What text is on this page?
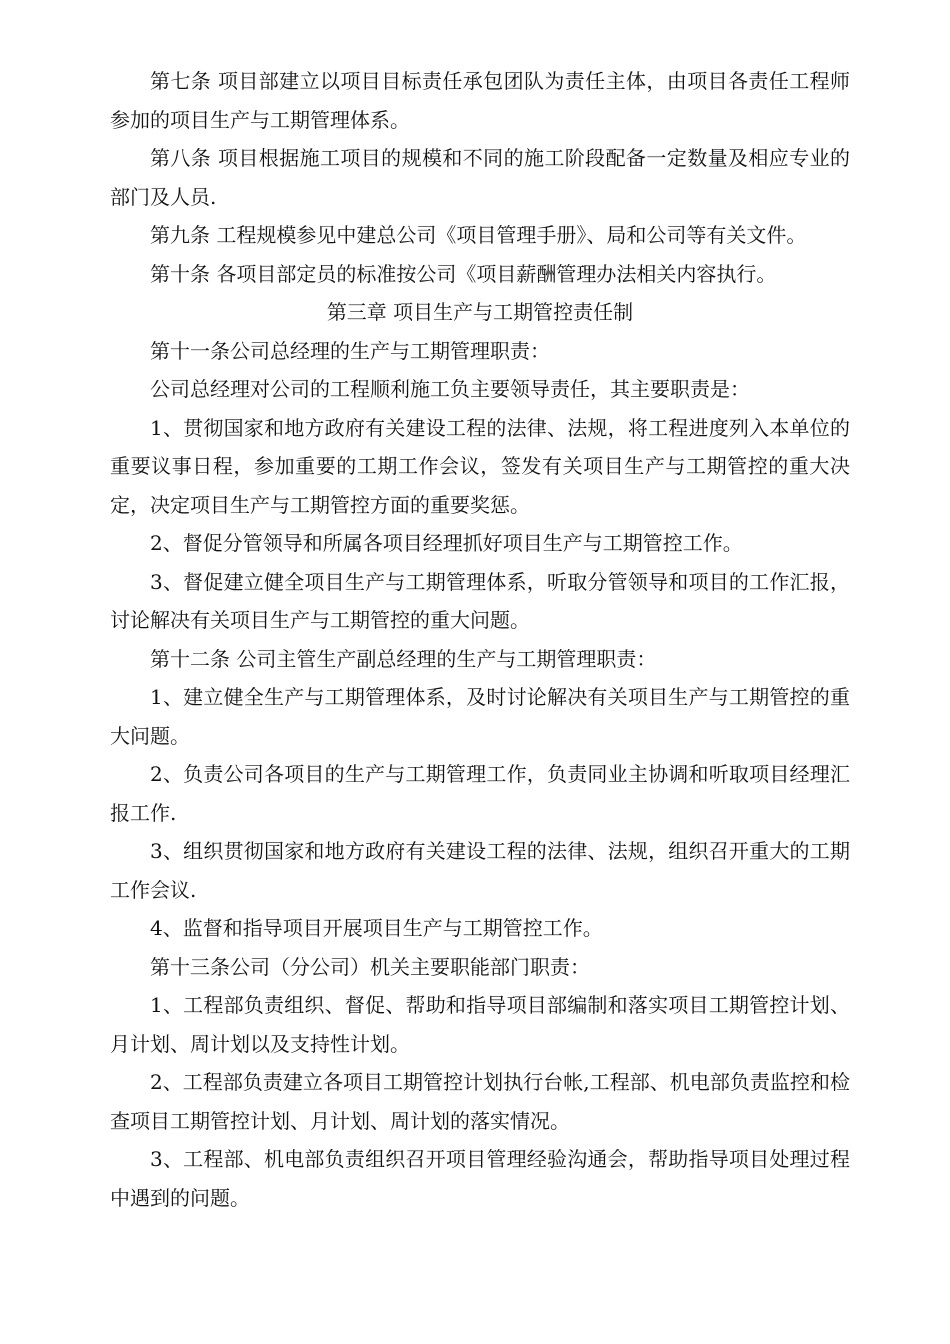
第七条 项目部建立以项目目标责任承包团队为责任主体，由项目各责任工程师参加的项目生产与工期管理体系。

第八条 项目根据施工项目的规模和不同的施工阶段配备一定数量及相应专业的部门及人员.

第九条 工程规模参见中建总公司《项目管理手册》、局和公司等有关文件。

第十条 各项目部定员的标准按公司《项目薪酬管理办法相关内容执行。

第三章 项目生产与工期管控责任制

第十一条公司总经理的生产与工期管理职责：

公司总经理对公司的工程顺利施工负主要领导责任，其主要职责是：

1、贯彻国家和地方政府有关建设工程的法律、法规，将工程进度列入本单位的重要议事日程，参加重要的工期工作会议，签发有关项目生产与工期管控的重大决定，决定项目生产与工期管控方面的重要奖惩。

2、督促分管领导和所属各项目经理抓好项目生产与工期管控工作。

3、督促建立健全项目生产与工期管理体系，听取分管领导和项目的工作汇报，讨论解决有关项目生产与工期管控的重大问题。

第十二条 公司主管生产副总经理的生产与工期管理职责：

1、建立健全生产与工期管理体系，及时讨论解决有关项目生产与工期管控的重大问题。

2、负责公司各项目的生产与工期管理工作，负责同业主协调和听取项目经理汇报工作.

3、组织贯彻国家和地方政府有关建设工程的法律、法规，组织召开重大的工期工作会议.

4、监督和指导项目开展项目生产与工期管控工作。

第十三条公司（分公司）机关主要职能部门职责：

1、工程部负责组织、督促、帮助和指导项目部编制和落实项目工期管控计划、月计划、周计划以及支持性计划。

2、工程部负责建立各项目工期管控计划执行台帐,工程部、机电部负责监控和检查项目工期管控计划、月计划、周计划的落实情况。

3、工程部、机电部负责组织召开项目管理经验沟通会，帮助指导项目处理过程中遇到的问题。
